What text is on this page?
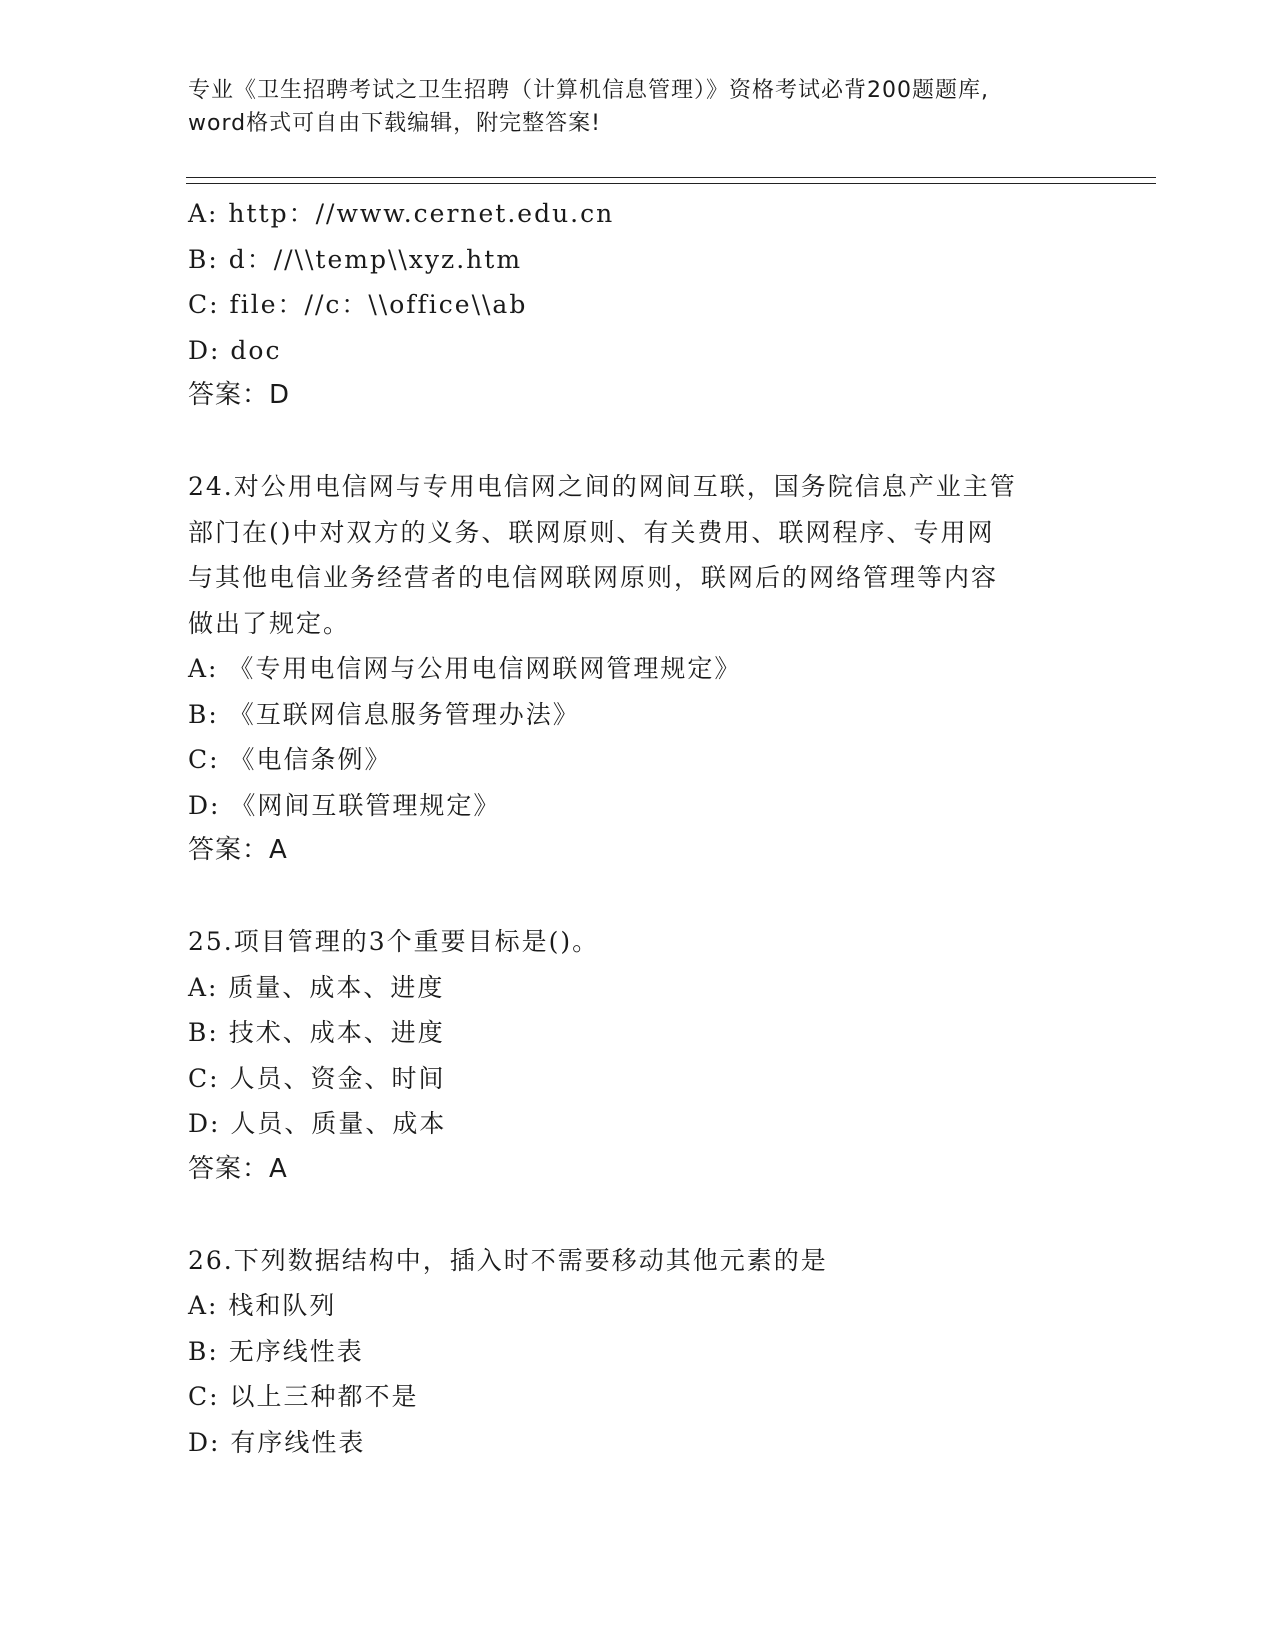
专业《卫生招聘考试之卫生招聘（计算机信息管理）》资格考试必背200题题库,
word格式可自由下载编辑，附完整答案!
A: http：//www.cernet.edu.cn
B: d：//\\temp\\xyz.htm
C: file：//c：\\office\\ab
D: doc
答案：D
24.对公用电信网与专用电信网之间的网间互联，国务院信息产业主管
部门在()中对双方的义务、联网原则、有关费用、联网程序、专用网
与其他电信业务经营者的电信网联网原则，联网后的网络管理等内容
做出了规定。
A: 《专用电信网与公用电信网联网管理规定》
B: 《互联网信息服务管理办法》
C: 《电信条例》
D: 《网间互联管理规定》
答案：A
25.项目管理的3个重要目标是()。
A: 质量、成本、进度
B: 技术、成本、进度
C: 人员、资金、时间
D: 人员、质量、成本
答案：A
26.下列数据结构中，插入时不需要移动其他元素的是
A: 栈和队列
B: 无序线性表
C: 以上三种都不是
D: 有序线性表
